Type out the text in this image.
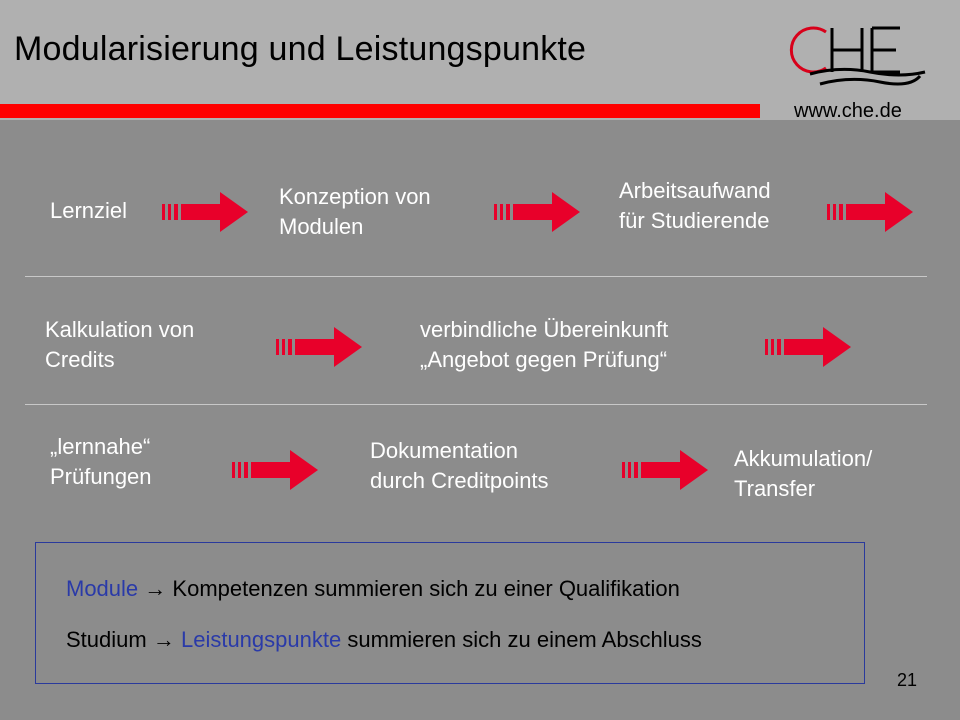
Modularisierung und Leistungspunkte
www.che.de
Lernziel
Konzeption von
Modulen
Arbeitsaufwand
für Studierende
Kalkulation von
Credits
verbindliche Übereinkunft
„Angebot gegen Prüfung“
„lernnahe“
Prüfungen
Dokumentation
durch Creditpoints
Akkumulation/
Transfer
Module → Kompetenzen summieren sich zu einer Qualifikation
Studium → Leistungspunkte summieren sich zu einem Abschluss
21
